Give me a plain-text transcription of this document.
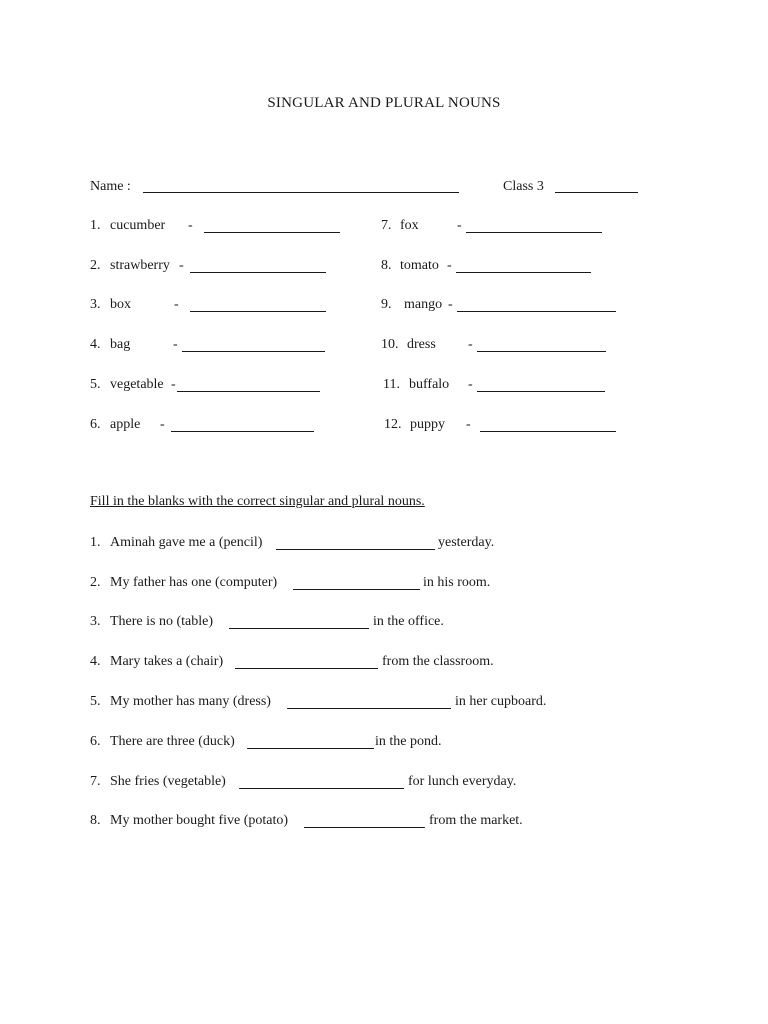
SINGULAR AND PLURAL NOUNS
Name :	Class 3
1. cucumber -
2. strawberry -
3. box	-
4. bag	-
5. vegetable -
6. apple -
7. fox	-
8. tomato -
9. mango -
10. dress -
11. buffalo -
12. puppy -
Fill in the blanks with the correct singular and plural nouns.
1. Aminah gave me a (pencil)	yesterday.
2. My father has one (computer)	in his room.
3. There is no (table)	in the office.
4. Mary takes a (chair)	from the classroom.
5. My mother has many (dress)	in her cupboard.
6. There are three (duck)	in the pond.
7. She fries (vegetable)	for lunch everyday.
8. My mother bought five (potato)	from the market.
